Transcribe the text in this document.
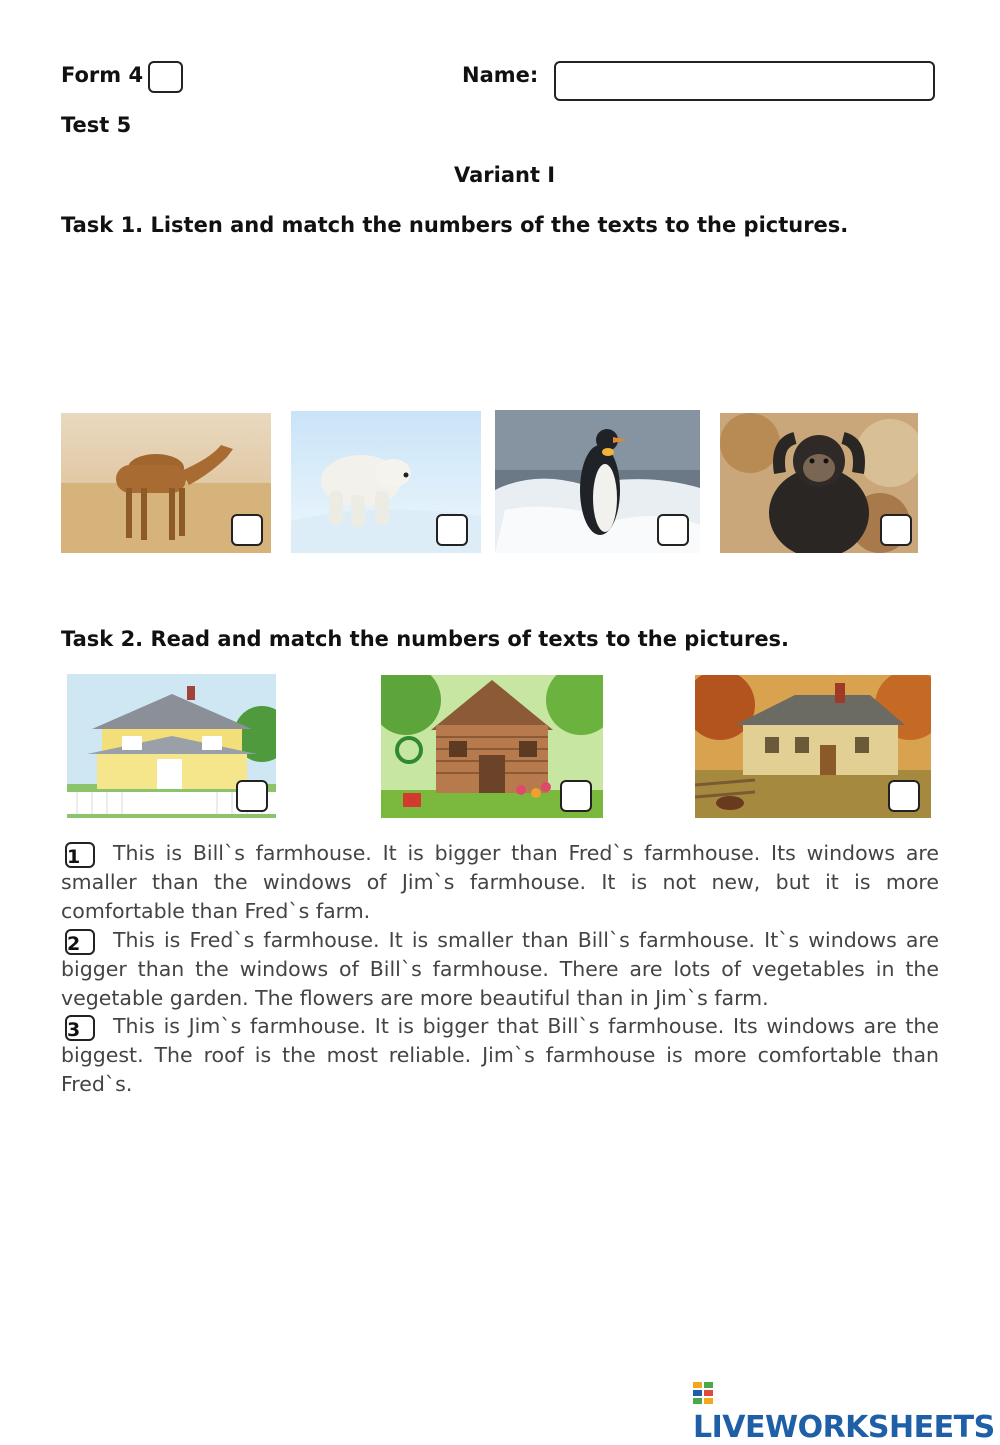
Form 4	Name:
Test 5
Variant I
Task 1. Listen and match the numbers of the texts to the pictures.
Task 2. Read and match the numbers of texts to the pictures.
1 This is Bill`s farmhouse. It is bigger than Fred`s farmhouse. Its windows are smaller than the windows of Jim`s farmhouse. It is not new, but it is more comfortable than Fred`s farm.
2 This is Fred`s farmhouse. It is smaller than Bill`s farmhouse. It`s windows are bigger than the windows of Bill`s farmhouse. There are lots of vegetables in the vegetable garden. The flowers are more beautiful than in Jim`s farm.
3 This is Jim`s farmhouse. It is bigger that Bill`s farmhouse. Its windows are the biggest. The roof is the most reliable. Jim`s farmhouse is more comfortable than Fred`s.
LIVEWORKSHEETS
